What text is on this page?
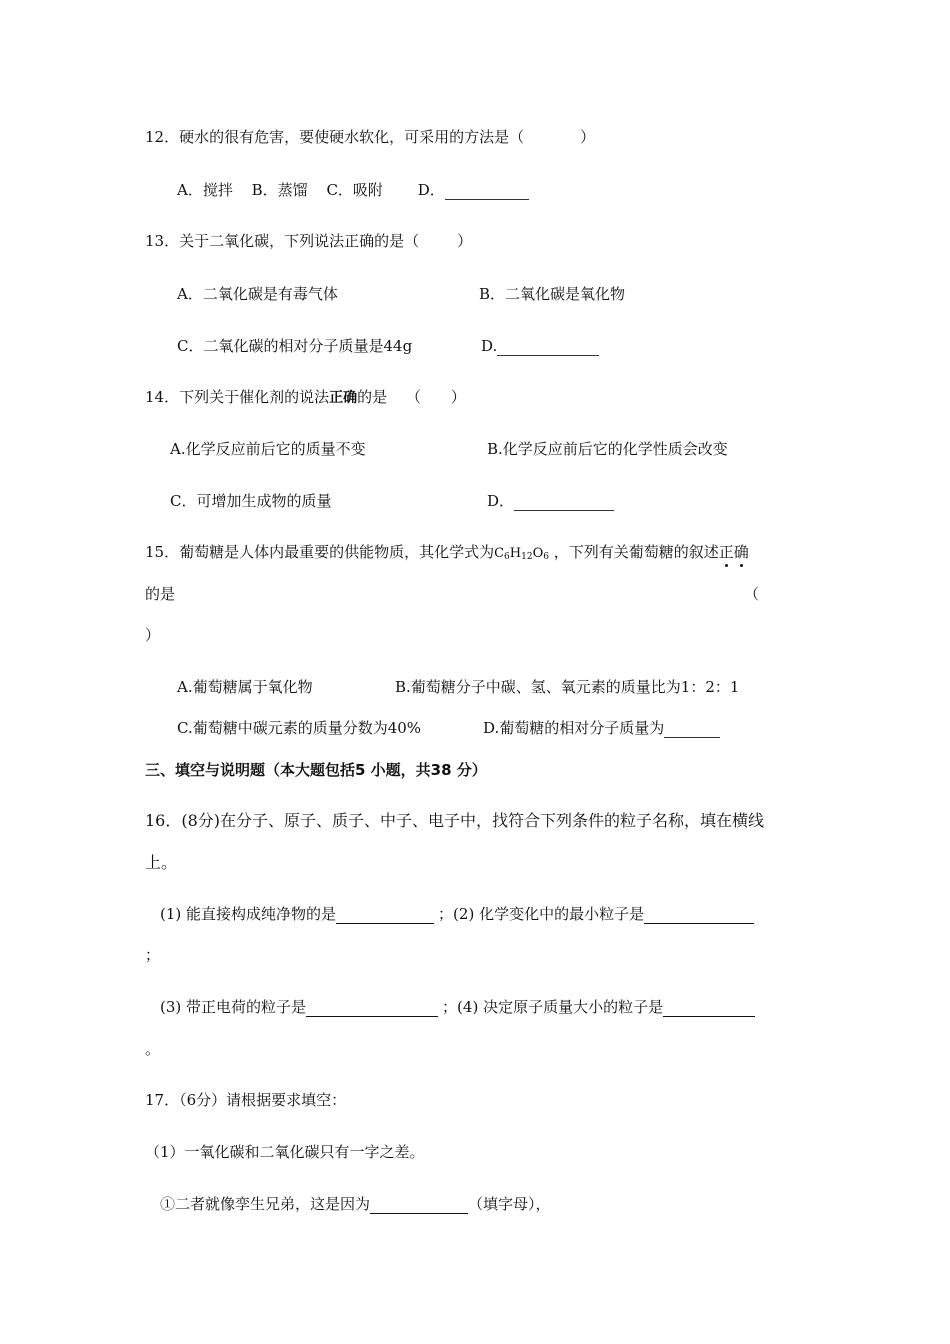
12．硬水的很有危害，要使硬水软化，可采用的方法是（	）
A．搅拌 B．蒸馏 C．吸附 D．
13．关于二氧化碳，下列说法正确的是（	）
A．二氧化碳是有毒气体	B．二氧化碳是氧化物
C．二氧化碳的相对分子质量是44g	D.
14．下列关于催化剂的说法正确的是 （　　）
A.化学反应前后它的质量不变	B.化学反应前后它的化学性质会改变
C．可增加生成物的质量	D．
15．葡萄糖是人体内最重要的供能物质，其化学式为$C_6H_{12}O_6$ ，下列有关葡萄糖的叙述正
确
的是	（
）
A.葡萄糖属于氧化物	B.葡萄糖分子中碳、氢、氧元素的质量比为1：2：1
C.葡萄糖中碳元素的质量分数为40%	D.葡萄糖的相对分子质量为
三、填空与说明题（本大题包括5 小题，共38 分）
16．(8分)在分子、原子、质子、中子、电子中，找符合下列条件的粒子名称，填在横线
上。
(1) 能直接构成纯净物的是	；(2) 化学变化中的最小粒子是
；
(3) 带正电荷的粒子是	；(4) 决定原子质量大小的粒子是
。
17．（6分）请根据要求填空：
（1）一氧化碳和二氧化碳只有一字之差。
①二者就像孪生兄弟，这是因为	（填字母），
